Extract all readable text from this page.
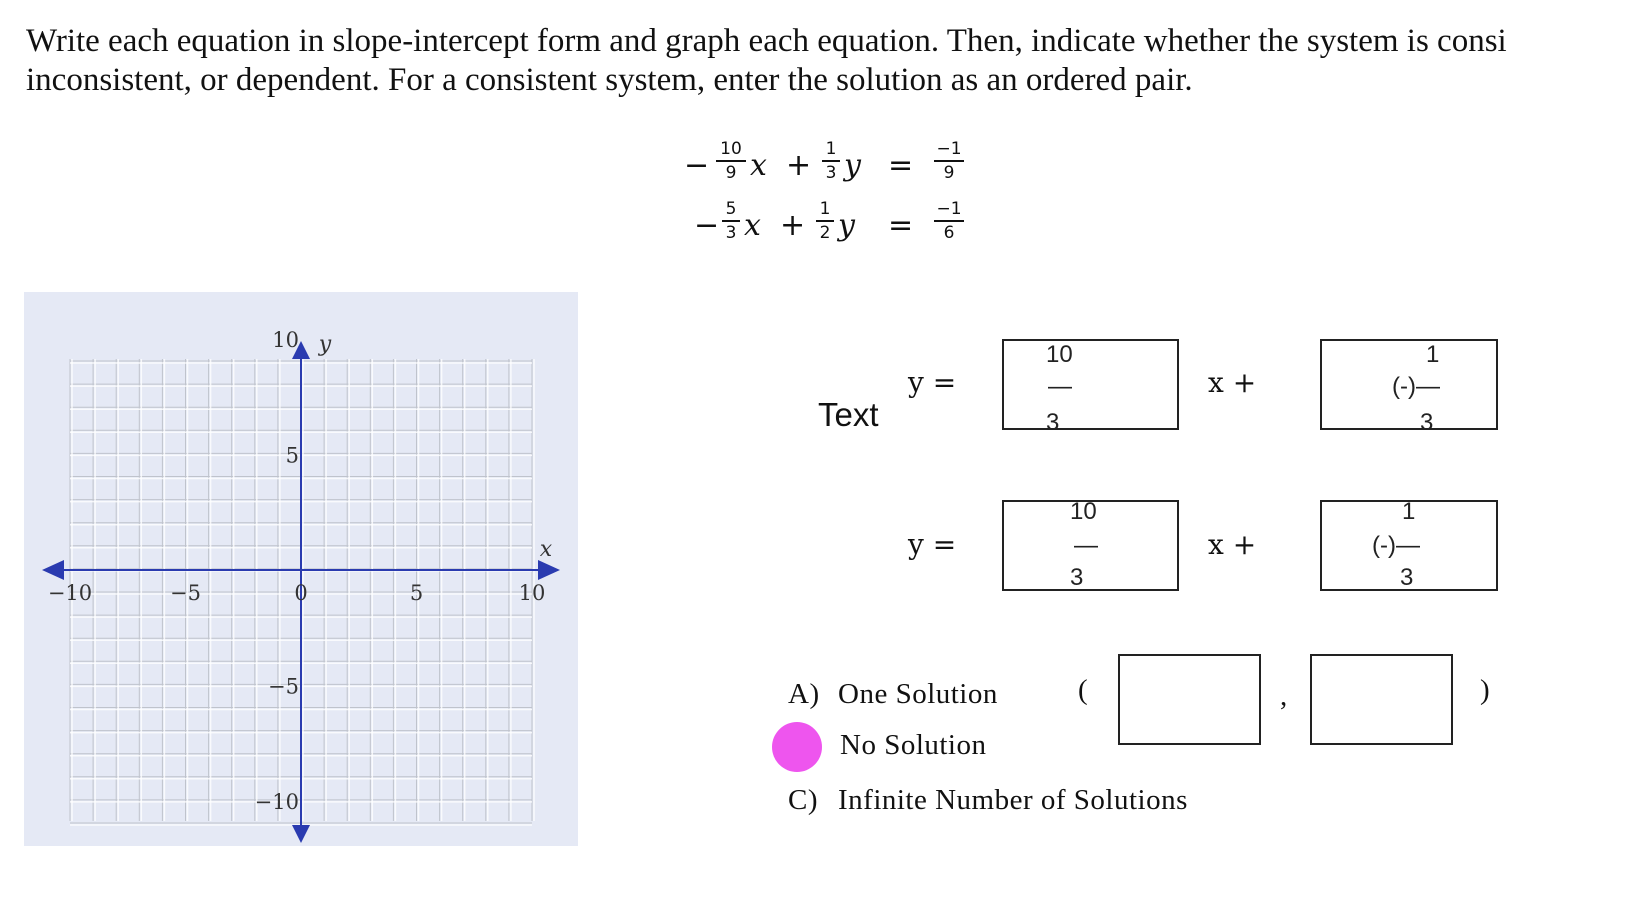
Write each equation in slope-intercept form and graph each equation. Then, indicate whether the system is consi
inconsistent, or dependent. For a consistent system, enter the solution as an ordered pair.
− 10
9 x + 1
3 y = −1
9
− 5
3 x + 1
2 y = −1
6
−10	−5	0	5	10
10
5
−5
−10
x
y
Text
y =
10
—
3
x +
1
(-)—
3
y =
10
—
3
x +
1
(-)—
3
A) One Solution
No Solution
C) Infinite Number of Solutions
(	,	)
